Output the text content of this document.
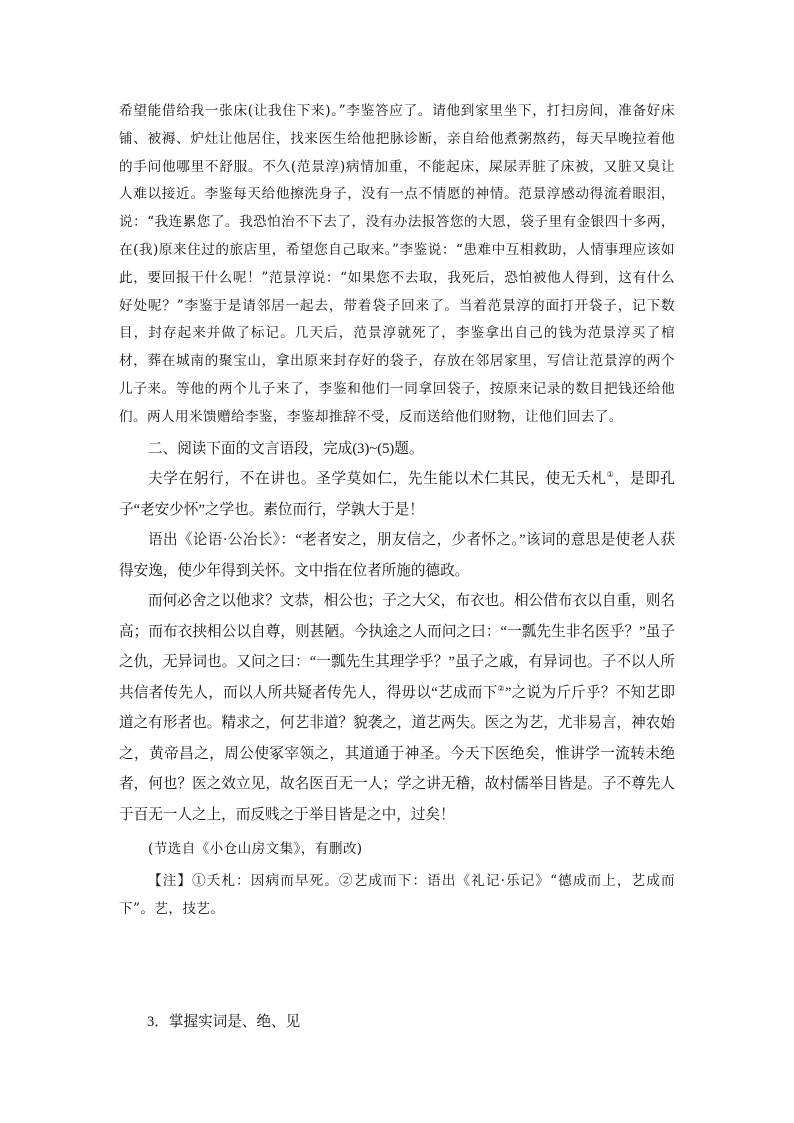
希望能借给我一张床(让我住下来)。”李鉴答应了。请他到家里坐下，打扫房间，准备好床铺、被褥、炉灶让他居住，找来医生给他把脉诊断，亲自给他煮粥熬药，每天早晚拉着他的手问他哪里不舒服。不久(范景淳)病情加重，不能起床，屎尿弄脏了床被，又脏又臭让人难以接近。李鉴每天给他擦洗身子，没有一点不情愿的神情。范景淳感动得流着眼泪，说：“我连累您了。我恐怕治不下去了，没有办法报答您的大恩，袋子里有金银四十多两，在(我)原来住过的旅店里，希望您自己取来。”李鉴说：“患难中互相救助，人情事理应该如此，要回报干什么呢！”范景淳说：“如果您不去取，我死后，恐怕被他人得到，这有什么好处呢？”李鉴于是请邻居一起去，带着袋子回来了。当着范景淳的面打开袋子，记下数目，封存起来并做了标记。几天后，范景淳就死了，李鉴拿出自己的钱为范景淳买了棺材，葬在城南的聚宝山，拿出原来封存好的袋子，存放在邻居家里，写信让范景淳的两个儿子来。等他的两个儿子来了，李鉴和他们一同拿回袋子，按原来记录的数目把钱还给他们。两人用米馈赠给李鉴，李鉴却推辞不受，反而送给他们财物，让他们回去了。

二、阅读下面的文言语段，完成(3)~(5)题。

夫学在躬行，不在讲也。圣学莫如仁，先生能以术仁其民，使无夭札①，是即孔子“老安少怀”之学也。素位而行，学孰大于是！

语出《论语·公冶长》：“老者安之，朋友信之，少者怀之。”该词的意思是使老人获得安逸，使少年得到关怀。文中指在位者所施的德政。

而何必舍之以他求？文恭，相公也；子之大父，布衣也。相公借布衣以自重，则名高；而布衣挟相公以自尊，则甚陋。今执途之人而问之曰：“一瓢先生非名医乎？”虽子之仇，无异词也。又问之曰：“一瓢先生其理学乎？”虽子之戚，有异词也。子不以人所共信者传先人，而以人所共疑者传先人，得毋以“艺成而下②”之说为斤斤乎？不知艺即道之有形者也。精求之，何艺非道？貌袭之，道艺两失。医之为艺，尤非易言，神农始之，黄帝昌之，周公使冢宰领之，其道通于神圣。今天下医绝矣，惟讲学一流转未绝者，何也？医之效立见，故名医百无一人；学之讲无稽，故村儒举目皆是。子不尊先人于百无一人之上，而反贱之于举目皆是之中，过矣！

(节选自《小仓山房文集》，有删改)

【注】①夭札：因病而早死。②艺成而下：语出《礼记·乐记》“德成而上，艺成而下”。艺，技艺。

3．掌握实词是、绝、见
